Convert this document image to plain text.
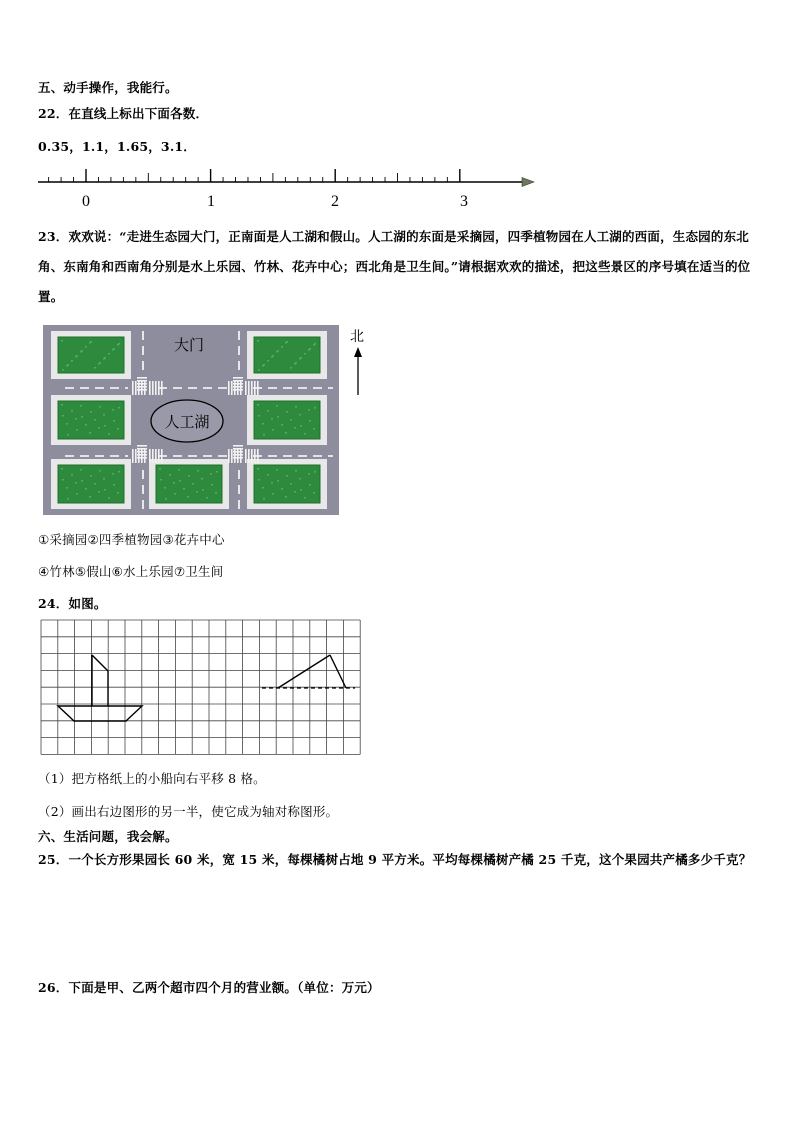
五、动手操作，我能行。
22．在直线上标出下面各数．
0.35，1.1，1.65，3.1．
0	1	2	3
23．欢欢说：“走进生态园大门，正南面是人工湖和假山。人工湖的东面是采摘园，四季植物园在人工湖的西面，生态园的东北角、东南角和西南角分别是水上乐园、竹林、花卉中心；西北角是卫生间。”请根据欢欢的描述，把这些景区的序号填在适当的位置。
人工湖
大门	北
①采摘园②四季植物园③花卉中心
④竹林⑤假山⑥水上乐园⑦卫生间
24．如图。
（1）把方格纸上的小船向右平移 8 格。
（2）画出右边图形的另一半，使它成为轴对称图形。
六、生活问题，我会解。
25．一个长方形果园长 60 米，宽 15 米，每棵橘树占地 9 平方米。平均每棵橘树产橘 25 千克，这个果园共产橘多少千克？
26．下面是甲、乙两个超市四个月的营业额。（单位：万元）
